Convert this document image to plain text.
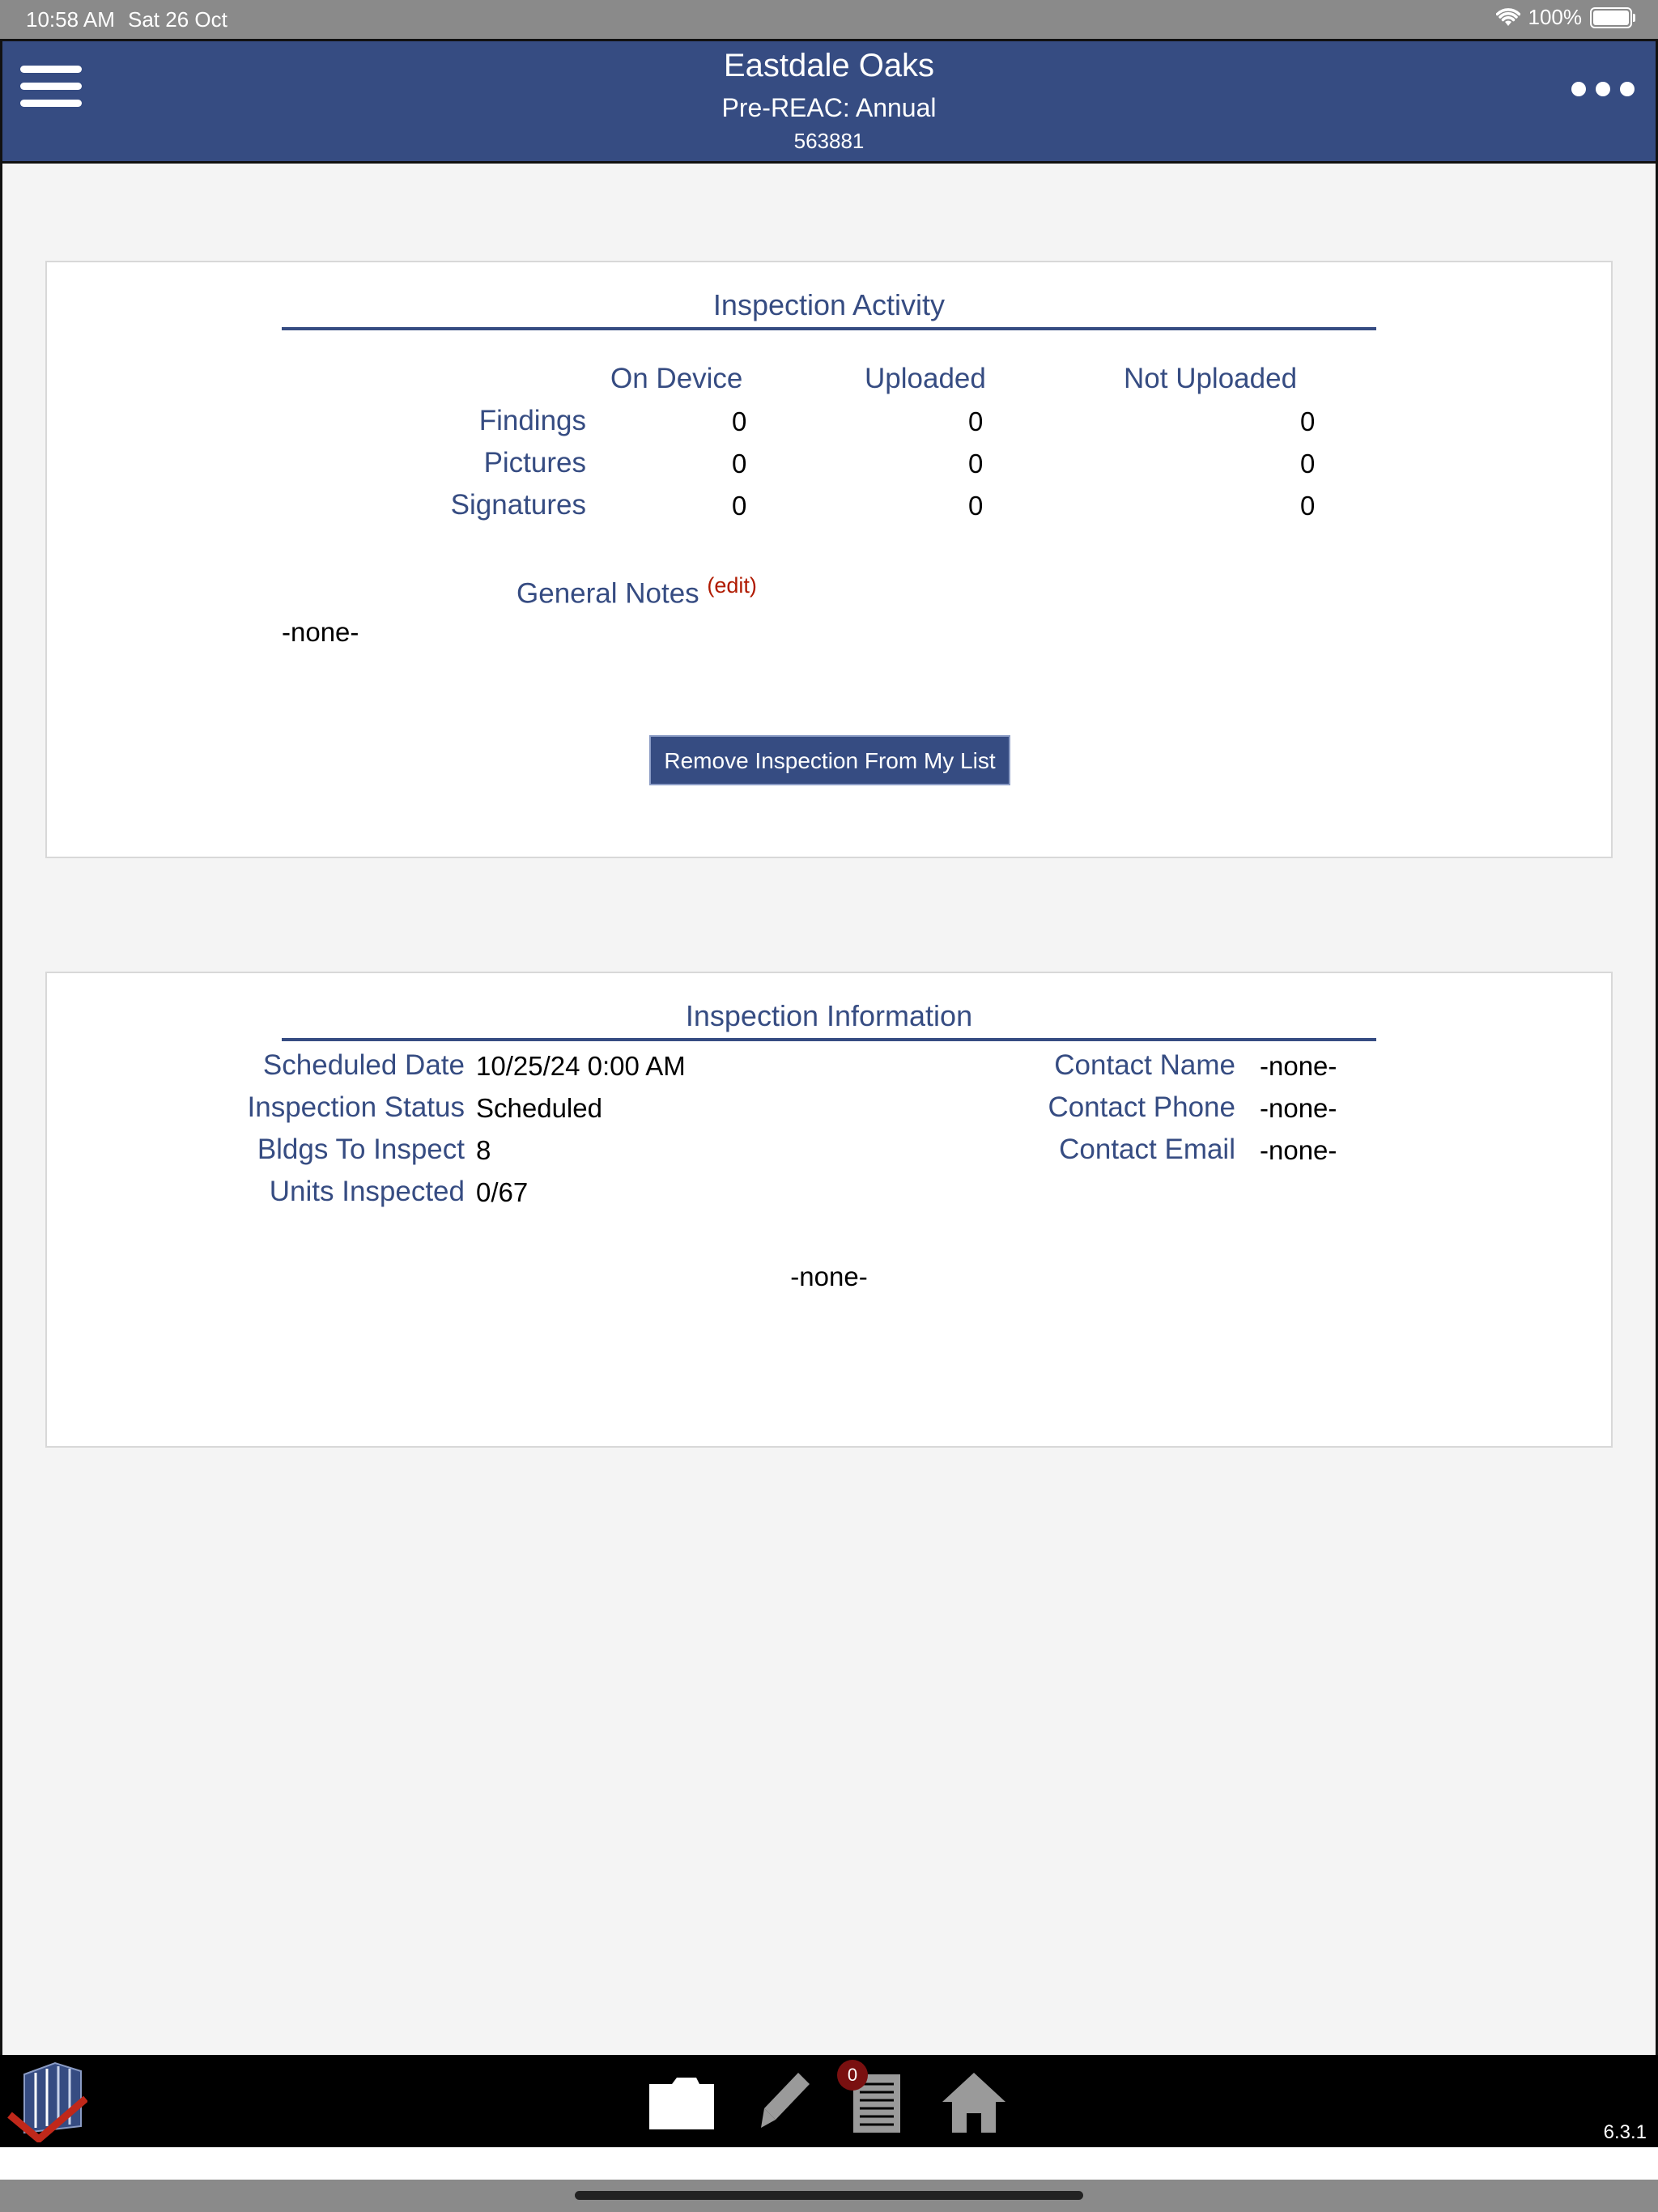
10:58 AM Sat 26 Oct	100%
Eastdale Oaks
Pre-REAC: Annual
563881
Inspection Activity
On Device	Uploaded	Not Uploaded
Findings	0	0	0
Pictures	0	0	0
Signatures	0	0	0
General Notes $^{(edit)}$
-none-
Remove Inspection From My List
Inspection Information
Scheduled Date 10/25/24 0:00 AM
Inspection Status Scheduled
Bldgs To Inspect 8
Units Inspected 0/67
Contact Name -none-
Contact Phone -none-
Contact Email -none-
-none-
0
6.3.1
